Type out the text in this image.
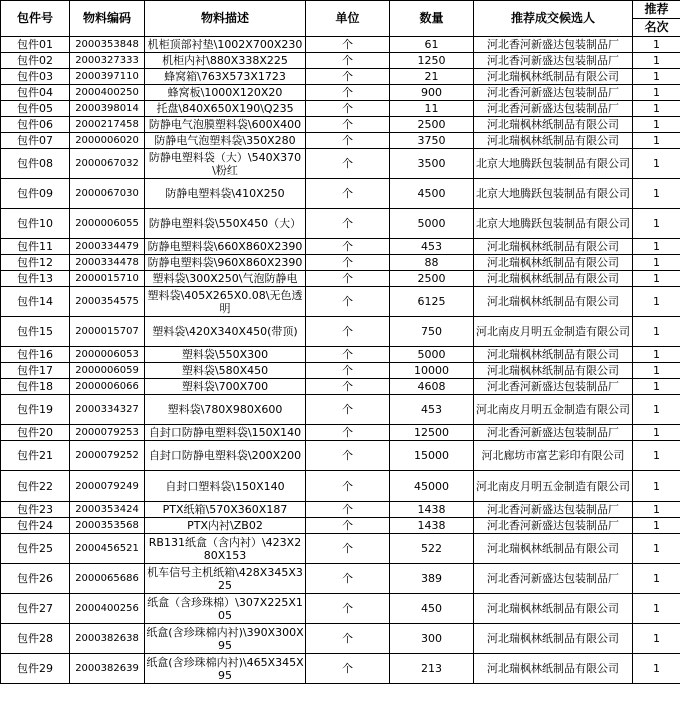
包件号	物料编码	物料描述	单位	数量	推荐成交候选人	推荐
						名次
包件01	2000353848	机柜顶部衬垫\1002X700X230	个	61	河北香河新盛达包装制品厂	1
包件02	2000327333	机柜内衬\880X338X225	个	1250	河北香河新盛达包装制品厂	1
包件03	2000397110	蜂窝箱\763X573X1723	个	21	河北瑞枫林纸制品有限公司	1
包件04	2000400250	蜂窝板\1000X120X20	个	900	河北香河新盛达包装制品厂	1
包件05	2000398014	托盘\840X650X190\Q235	个	11	河北香河新盛达包装制品厂	1
包件06	2000217458	防静电气泡膜塑料袋\600X400	个	2500	河北瑞枫林纸制品有限公司	1
包件07	2000006020	防静电气泡塑料袋\350X280	个	3750	河北瑞枫林纸制品有限公司	1
包件08	2000067032	防静电塑料袋（大）\540X370\粉红	个	3500	北京大地腾跃包装制品有限公司	1
包件09	2000067030	防静电塑料袋\410X250	个	4500	北京大地腾跃包装制品有限公司	1
包件10	2000006055	防静电塑料袋\550X450（大）	个	5000	北京大地腾跃包装制品有限公司	1
包件11	2000334479	防静电塑料袋\660X860X2390	个	453	河北瑞枫林纸制品有限公司	1
包件12	2000334478	防静电塑料袋\960X860X2390	个	88	河北瑞枫林纸制品有限公司	1
包件13	2000015710	塑料袋\300X250\气泡防静电	个	2500	河北瑞枫林纸制品有限公司	1
包件14	2000354575	塑料袋\405X265X0.08\无色透明	个	6125	河北瑞枫林纸制品有限公司	1
包件15	2000015707	塑料袋\420X340X450(带顶)	个	750	河北南皮月明五金制造有限公司	1
包件16	2000006053	塑料袋\550X300	个	5000	河北瑞枫林纸制品有限公司	1
包件17	2000006059	塑料袋\580X450	个	10000	河北瑞枫林纸制品有限公司	1
包件18	2000006066	塑料袋\700X700	个	4608	河北香河新盛达包装制品厂	1
包件19	2000334327	塑料袋\780X980X600	个	453	河北南皮月明五金制造有限公司	1
包件20	2000079253	自封口防静电塑料袋\150X140	个	12500	河北香河新盛达包装制品厂	1
包件21	2000079252	自封口防静电塑料袋\200X200	个	15000	河北廊坊市富艺彩印有限公司	1
包件22	2000079249	自封口塑料袋\150X140	个	45000	河北南皮月明五金制造有限公司	1
包件23	2000353424	PTX纸箱\570X360X187	个	1438	河北香河新盛达包装制品厂	1
包件24	2000353568	PTX内衬\ZB02	个	1438	河北香河新盛达包装制品厂	1
包件25	2000456521	RB131纸盒（含内衬）\423X280X153	个	522	河北瑞枫林纸制品有限公司	1
包件26	2000065686	机车信号主机纸箱\428X345X325	个	389	河北香河新盛达包装制品厂	1
包件27	2000400256	纸盒（含珍珠棉）\307X225X105	个	450	河北瑞枫林纸制品有限公司	1
包件28	2000382638	纸盒(含珍珠棉内衬)\390X300X95	个	300	河北瑞枫林纸制品有限公司	1
包件29	2000382639	纸盒(含珍珠棉内衬)\465X345X95	个	213	河北瑞枫林纸制品有限公司	1
